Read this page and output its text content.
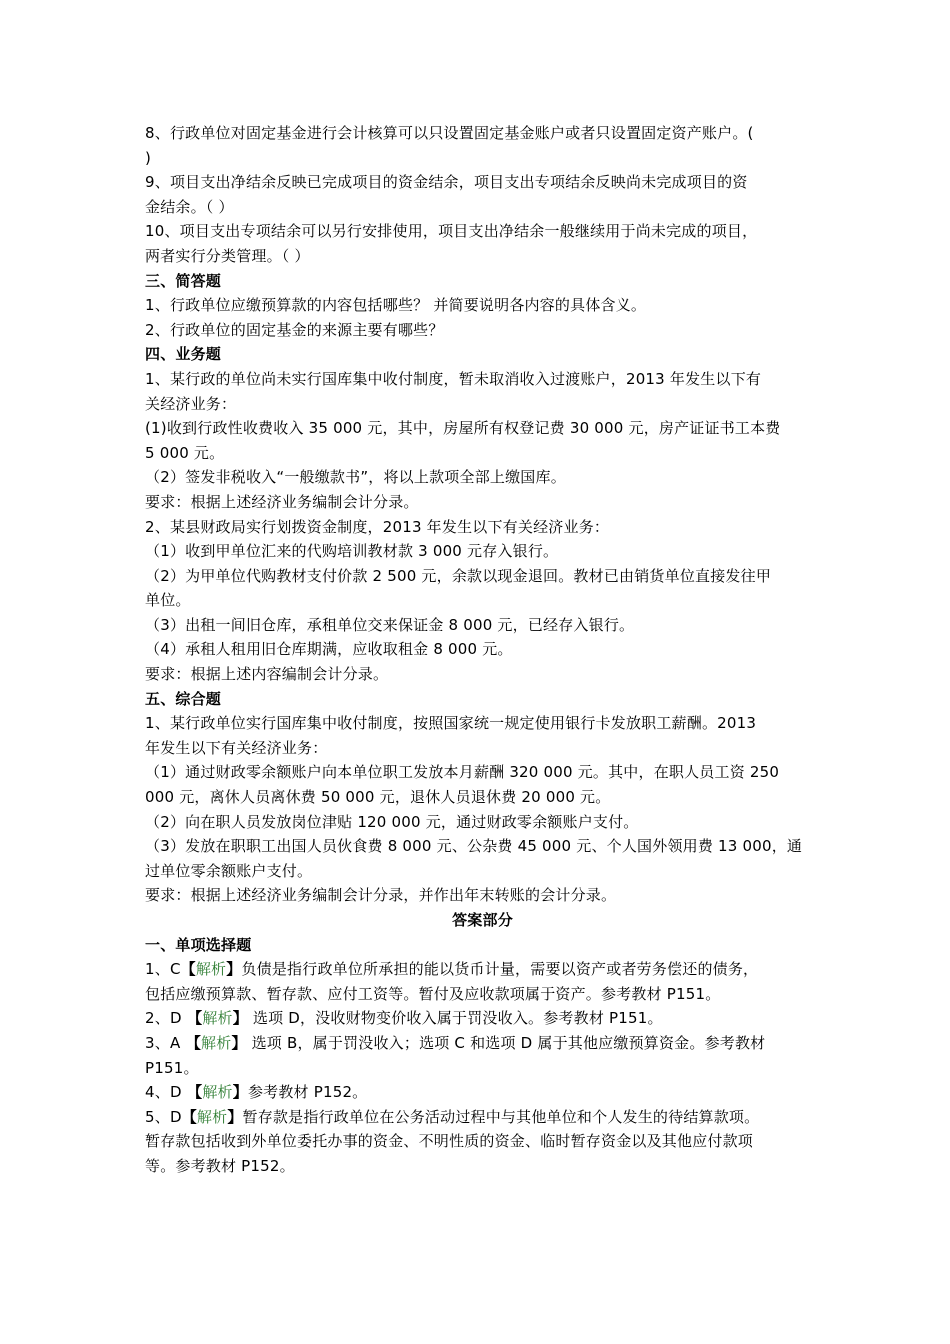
8、行政单位对固定基金进行会计核算可以只设置固定基金账户或者只设置固定资产账户。(
)
9、项目支出净结余反映已完成项目的资金结余，项目支出专项结余反映尚未完成项目的资
金结余。（ ）
10、项目支出专项结余可以另行安排使用，项目支出净结余一般继续用于尚未完成的项目，
两者实行分类管理。（ ）
三、简答题
1、行政单位应缴预算款的内容包括哪些？ 并简要说明各内容的具体含义。
2、行政单位的固定基金的来源主要有哪些？
四、业务题
1、某行政的单位尚未实行国库集中收付制度，暂未取消收入过渡账户，2013 年发生以下有
关经济业务：
(1)收到行政性收费收入 35 000 元，其中，房屋所有权登记费 30 000 元，房产证证书工本费
5 000 元。
（2）签发非税收入“一般缴款书”，将以上款项全部上缴国库。
要求：根据上述经济业务编制会计分录。
2、某县财政局实行划拨资金制度，2013 年发生以下有关经济业务：
（1）收到甲单位汇来的代购培训教材款 3 000 元存入银行。
（2）为甲单位代购教材支付价款 2 500 元，余款以现金退回。教材已由销货单位直接发往甲
单位。
（3）出租一间旧仓库，承租单位交来保证金 8 000 元，已经存入银行。
（4）承租人租用旧仓库期满，应收取租金 8 000 元。
要求：根据上述内容编制会计分录。
五、综合题
1、某行政单位实行国库集中收付制度，按照国家统一规定使用银行卡发放职工薪酬。2013
年发生以下有关经济业务：
（1）通过财政零余额账户向本单位职工发放本月薪酬 320 000 元。其中，在职人员工资 250
000 元，离休人员离休费 50 000 元，退休人员退休费 20 000 元。
（2）向在职人员发放岗位津贴 120 000 元，通过财政零余额账户支付。
（3）发放在职职工出国人员伙食费 8 000 元、公杂费 45 000 元、个人国外领用费 13 000，通
过单位零余额账户支付。
要求：根据上述经济业务编制会计分录，并作出年末转账的会计分录。
答案部分
一、单项选择题
1、C【解析】负债是指行政单位所承担的能以货币计量，需要以资产或者劳务偿还的债务，
包括应缴预算款、暂存款、应付工资等。暂付及应收款项属于资产。参考教材 P151。
2、D 【解析】 选项 D，没收财物变价收入属于罚没收入。参考教材 P151。
3、A 【解析】 选项 B，属于罚没收入；选项 C 和选项 D 属于其他应缴预算资金。参考教材
P151。
4、D 【解析】参考教材 P152。
5、D【解析】暂存款是指行政单位在公务活动过程中与其他单位和个人发生的待结算款项。
暂存款包括收到外单位委托办事的资金、不明性质的资金、临时暂存资金以及其他应付款项
等。参考教材 P152。
